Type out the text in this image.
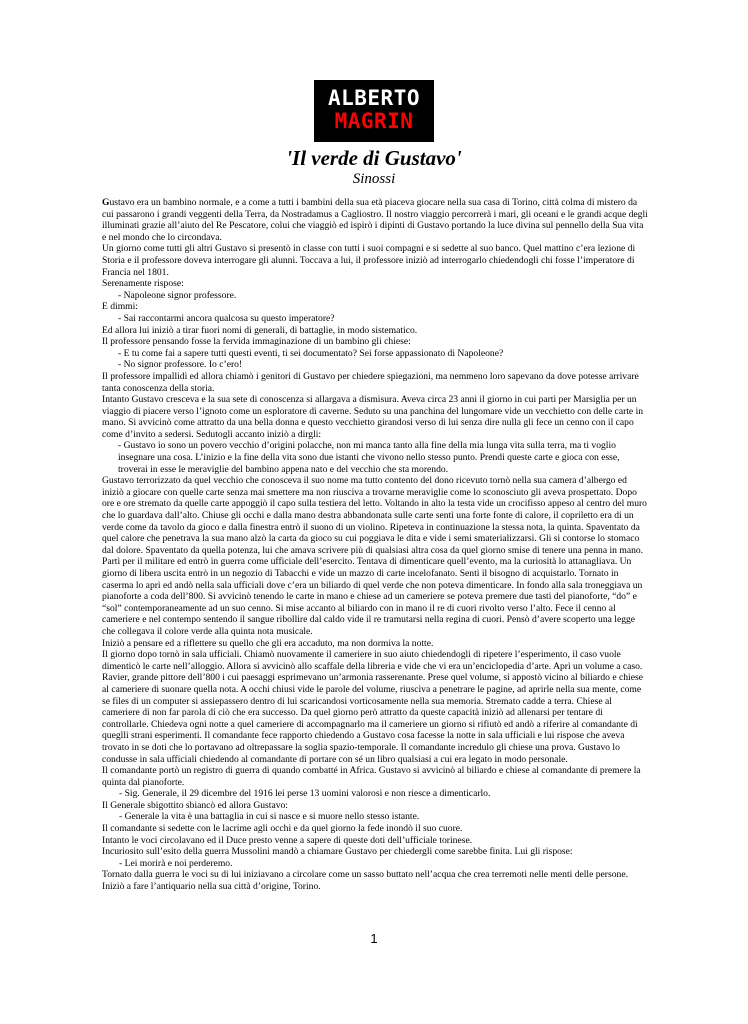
ALBERTO
MAGRIN
'Il verde di Gustavo'
Sinossi

Gustavo era un bambino normale, e a come a tutti i bambini della sua età piaceva giocare nella sua casa di Torino, città colma di mistero da cui passarono i grandi veggenti della Terra, da Nostradamus a Cagliostro. Il nostro viaggio percorrerà i mari, gli oceani e le grandi acque degli illuminati grazie all’aiuto del Re Pescatore, colui che viaggiò ed ispirò i dipinti di Gustavo portando la luce divina sul pennello della Sua vita e nel mondo che lo circondava.

Un giorno come tutti gli altri Gustavo si presentò in classe con tutti i suoi compagni e si sedette al suo banco. Quel mattino c’era lezione di Storia e il professore doveva interrogare gli alunni. Toccava a lui, il professore iniziò ad interrogarlo chiedendogli chi fosse l’imperatore di Francia nel 1801.

Serenamente rispose:

- Napoleone signor professore.

E dimmi:

- Sai raccontarmi ancora qualcosa su questo imperatore?

Ed allora lui iniziò a tirar fuori nomi di generali, di battaglie, in modo sistematico.

Il professore pensando fosse la fervida immaginazione di un bambino gli chiese:

- E tu come fai a sapere tutti questi eventi, ti sei documentato? Sei forse appassionato di Napoleone?

- No signor professore. Io c’ero!

Il professore impallidì ed allora chiamò i genitori di Gustavo per chiedere spiegazioni, ma nemmeno loro sapevano da dove potesse arrivare tanta conoscenza della storia.

Intanto Gustavo cresceva e la sua sete di conoscenza si allargava a dismisura. Aveva circa 23 anni il giorno in cui partì per Marsiglia per un viaggio di piacere verso l’ignoto come un esploratore di caverne. Seduto su una panchina del lungomare vide un vecchietto con delle carte in mano. Si avvicinò come attratto da una bella donna e questo vecchietto girandosi verso di lui senza dire nulla gli fece un cenno con il capo come d’invito a sedersi. Sedutogli accanto iniziò a dirgli:

- Gustavo io sono un povero vecchio d’origini polacche, non mi manca tanto alla fine della mia lunga vita sulla terra, ma ti voglio insegnare una cosa. L’inizio e la fine della vita sono due istanti che vivono nello stesso punto. Prendi queste carte e gioca con esse, troverai in esse le meraviglie del bambino appena nato e del vecchio che sta morendo.

Gustavo terrorizzato da quel vecchio che conosceva il suo nome ma tutto contento del dono ricevuto tornò nella sua camera d’albergo ed iniziò a giocare con quelle carte senza mai smettere ma non riusciva a trovarne meraviglie come lo sconosciuto gli aveva prospettato. Dopo ore e ore stremato da quelle carte appoggiò il capo sulla testiera del letto. Voltando in alto la testa vide un crocifisso appeso al centro del muro che lo guardava dall’alto. Chiuse gli occhi e dalla mano destra abbandonata sulle carte sentì una forte fonte di calore, il copriletto era di un verde come da tavolo da gioco e dalla finestra entrò il suono di un violino. Ripeteva in continuazione la stessa nota, la quinta. Spaventato da quel calore che penetrava la sua mano alzò la carta da gioco su cui poggiava le dita e vide i semi smaterializzarsi. Gli si contorse lo stomaco dal dolore. Spaventato da quella potenza, lui che amava scrivere più di qualsiasi altra cosa da quel giorno smise di tenere una penna in mano. Partì per il militare ed entrò in guerra come ufficiale dell’esercito. Tentava di dimenticare quell’evento, ma la curiosità lo attanagliava. Un giorno di libera uscita entrò in un negozio di Tabacchi e vide un mazzo di carte incelofanato. Sentì il bisogno di acquistarlo. Tornato in caserma lo aprì ed andò nella sala ufficiali dove c’era un biliardo di quel verde che non poteva dimenticare. In fondo alla sala troneggiava un pianoforte a coda dell’800. Si avvicinò tenendo le carte in mano e chiese ad un cameriere se poteva premere due tasti del pianoforte, “do” e “sol” contemporaneamente ad un suo cenno. Si mise accanto al biliardo con in mano il re di cuori rivolto verso l’alto. Fece il cenno al cameriere e nel contempo sentendo il sangue ribollire dal caldo vide il re tramutarsi nella regina di cuori. Pensò d’avere scoperto una legge che collegava il colore verde alla quinta nota musicale.

Iniziò a pensare ed a riflettere su quello che gli era accaduto, ma non dormiva la notte.

Il giorno dopo tornò in sala ufficiali. Chiamò nuovamente il cameriere in suo aiuto chiedendogli di ripetere l’esperimento, il caso vuole dimenticò le carte nell’alloggio. Allora si avvicinò allo scaffale della libreria e vide che vi era un’enciclopedia d’arte. Aprì un volume a caso. Ravier, grande pittore dell’800 i cui paesaggi esprimevano un’armonia rasserenante. Prese quel volume, si appostò vicino al biliardo e chiese al cameriere di suonare quella nota. A occhi chiusi vide le parole del volume, riuscìva a penetrare le pagine, ad aprirle nella sua mente, come se files di un computer si assiepassero dentro di lui scaricandosi vorticosamente nella sua memoria. Stremato cadde a terra. Chiese al cameriere di non far parola di ciò che era successo. Da quel giorno però attratto da queste capacità iniziò ad allenarsi per tentare di controllarle. Chiedeva ogni notte a quel cameriere di accompagnarlo ma il cameriere un giorno si rifiutò ed andò a riferire al comandante di queglli strani esperimenti. Il comandante fece rapporto chiedendo a Gustavo cosa facesse la notte in sala ufficiali e lui rispose che aveva trovato in se doti che lo portavano ad oltrepassare la soglia spazio-temporale. Il comandante incredulo gli chiese una prova. Gustavo lo condusse in sala ufficiali chiedendo al comandante di portare con sé un libro qualsiasi a cui era legato in modo personale.

Il comandante portò un registro di guerra di quando combatté in Africa. Gustavo si avvicinò al biliardo e chiese al comandante di premere la quinta dal pianoforte.

- Sig. Generale, il 29 dicembre del 1916 lei perse 13 uomini valorosi e non riesce a dimenticarlo.

Il Generale sbigottito sbiancò ed allora Gustavo:

- Generale la vita è una battaglia in cui si nasce e si muore nello stesso istante.

Il comandante si sedette con le lacrime agli occhi e da quel giorno la fede inondò il suo cuore.

Intanto le voci circolavano ed il Duce presto venne a sapere di queste doti dell’ufficiale torinese.

Incuriosito sull’esito della guerra Mussolini mandò a chiamare Gustavo per chiedergli come sarebbe finita. Lui gli rispose:

- Lei morirà e noi perderemo.

Tornato dalla guerra le voci su di lui iniziavano a circolare come un sasso buttato nell’acqua che crea terremoti nelle menti delle persone.

Iniziò a fare l’antiquario nella sua città d’origine, Torino.

1
